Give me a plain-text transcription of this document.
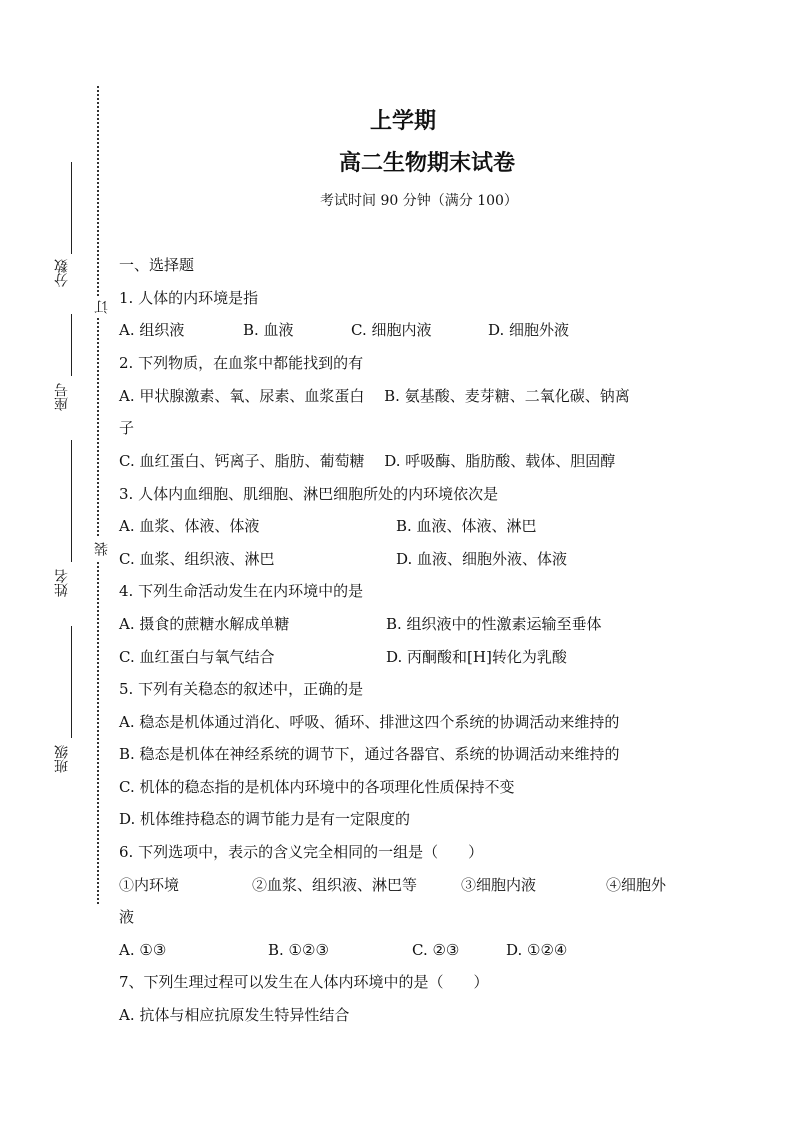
分数
座号
姓名
班级
订
装
上学期
高二生物期末试卷
考试时间 90 分钟（满分 100）
一、选择题
1. 人体的内环境是指
A. 组织液	B. 血液	C. 细胞内液	D. 细胞外液
2. 下列物质，在血浆中都能找到的有
A. 甲状腺激素、氧、尿素、血浆蛋白　 B. 氨基酸、麦芽糖、二氧化碳、钠离
子
C. 血红蛋白、钙离子、脂肪、葡萄糖　 D. 呼吸酶、脂肪酸、载体、胆固醇
3. 人体内血细胞、肌细胞、淋巴细胞所处的内环境依次是
A. 血浆、体液、体液	B. 血液、体液、淋巴
C. 血浆、组织液、淋巴	D. 血液、细胞外液、体液
4. 下列生命活动发生在内环境中的是
A. 摄食的蔗糖水解成单糖	B. 组织液中的性激素运输至垂体
C. 血红蛋白与氧气结合	D. 丙酮酸和[H]转化为乳酸
5. 下列有关稳态的叙述中，正确的是
A. 稳态是机体通过消化、呼吸、循环、排泄这四个系统的协调活动来维持的
B. 稳态是机体在神经系统的调节下，通过各器官、系统的协调活动来维持的
C. 机体的稳态指的是机体内环境中的各项理化性质保持不变
D. 机体维持稳态的调节能力是有一定限度的
6. 下列选项中，表示的含义完全相同的一组是（　　）
①内环境	②血浆、组织液、淋巴等	③细胞内液	④细胞外
液
A. ①③	B. ①②③	C. ②③	D. ①②④
7、下列生理过程可以发生在人体内环境中的是（　　）
A. 抗体与相应抗原发生特异性结合
